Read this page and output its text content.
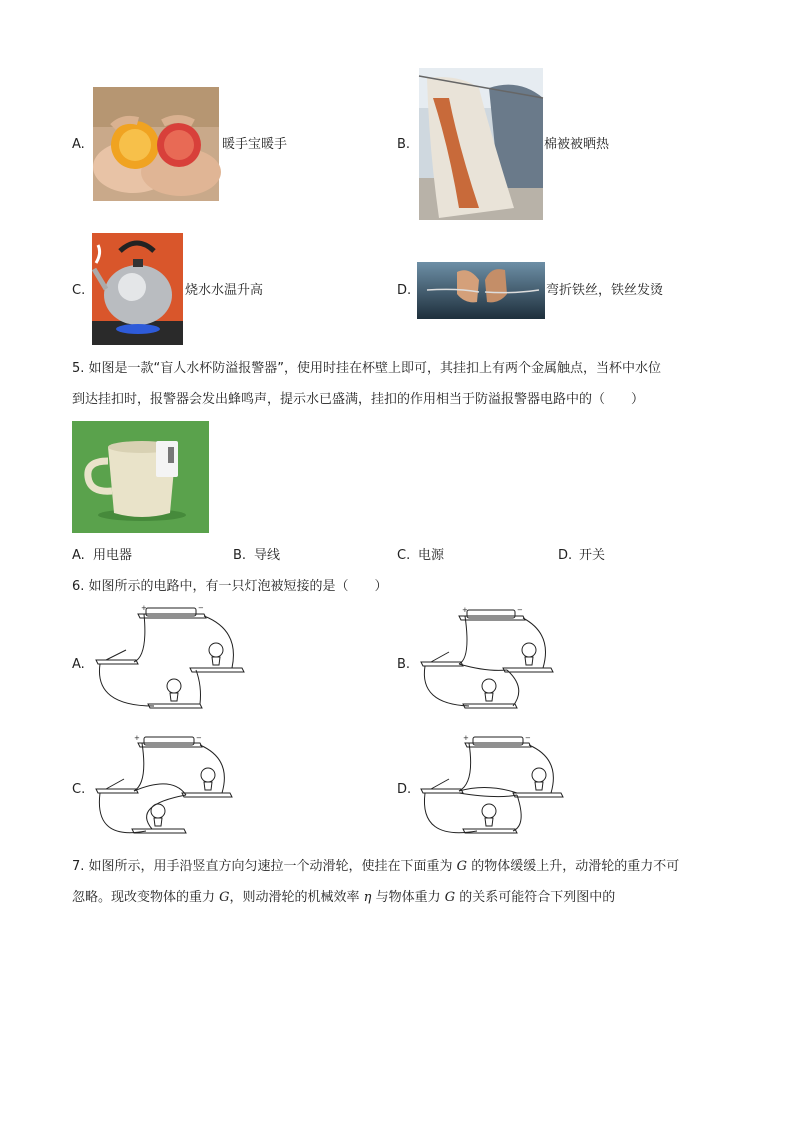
A.	暖手宝暖手	B.	棉被被晒热
C.	烧水水温升高	D.	弯折铁丝，铁丝发烫
5. 如图是一款“盲人水杯防溢报警器”，使用时挂在杯壁上即可，其挂扣上有两个金属触点，当杯中水位
到达挂扣时，报警器会发出蜂鸣声，提示水已盛满，挂扣的作用相当于防溢报警器电路中的（　　）
A. 用电器	B. 导线	C. 电源	D. 开关
6. 如图所示的电路中，有一只灯泡被短接的是（　　）
A.
+	−
B.
+	−
C.
+	−
D.
+	−
7. 如图所示，用手沿竖直方向匀速拉一个动滑轮，使挂在下面重为 G 的物体缓缓上升，动滑轮的重力不可
忽略。现改变物体的重力 G，则动滑轮的机械效率 η 与物体重力 G 的关系可能符合下列图中的
